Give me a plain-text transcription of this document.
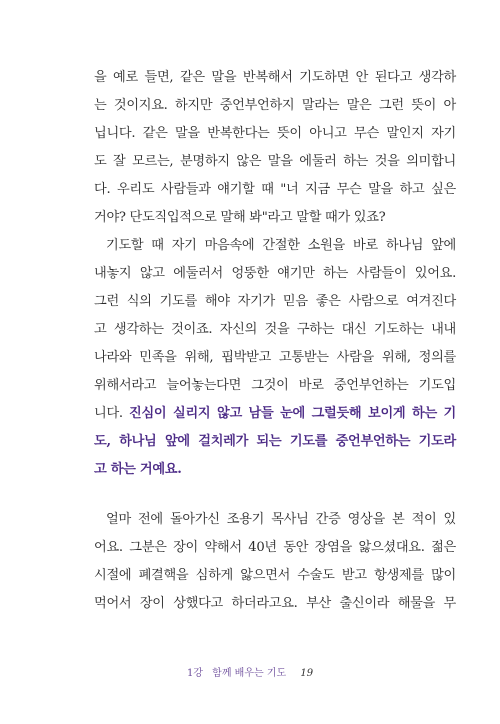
을 예로 들면, 같은 말을 반복해서 기도하면 안 된다고 생각하
는 것이지요. 하지만 중언부언하지 말라는 말은 그런 뜻이 아
닙니다. 같은 말을 반복한다는 뜻이 아니고 무슨 말인지 자기
도 잘 모르는, 분명하지 않은 말을 에둘러 하는 것을 의미합니
다. 우리도 사람들과 얘기할 때 "너 지금 무슨 말을 하고 싶은
거야? 단도직입적으로 말해 봐"라고 말할 때가 있죠?
기도할 때 자기 마음속에 간절한 소원을 바로 하나님 앞에
내놓지 않고 에둘러서 엉뚱한 얘기만 하는 사람들이 있어요.
그런 식의 기도를 해야 자기가 믿음 좋은 사람으로 여겨진다
고 생각하는 것이죠. 자신의 것을 구하는 대신 기도하는 내내
나라와 민족을 위해, 핍박받고 고통받는 사람을 위해, 정의를
위해서라고 늘어놓는다면 그것이 바로 중언부언하는 기도입
니다. 진심이 실리지 않고 남들 눈에 그럴듯해 보이게 하는 기
도, 하나님 앞에 걸치레가 되는 기도를 중언부언하는 기도라
고 하는 거예요.
얼마 전에 돌아가신 조용기 목사님 간증 영상을 본 적이 있
어요. 그분은 장이 약해서 40년 동안 장염을 앓으셨대요. 젊은
시절에 폐결핵을 심하게 앓으면서 수술도 받고 항생제를 많이
먹어서 장이 상했다고 하더라고요. 부산 출신이라 해물을 무
1강 함께 배우는 기도 19
